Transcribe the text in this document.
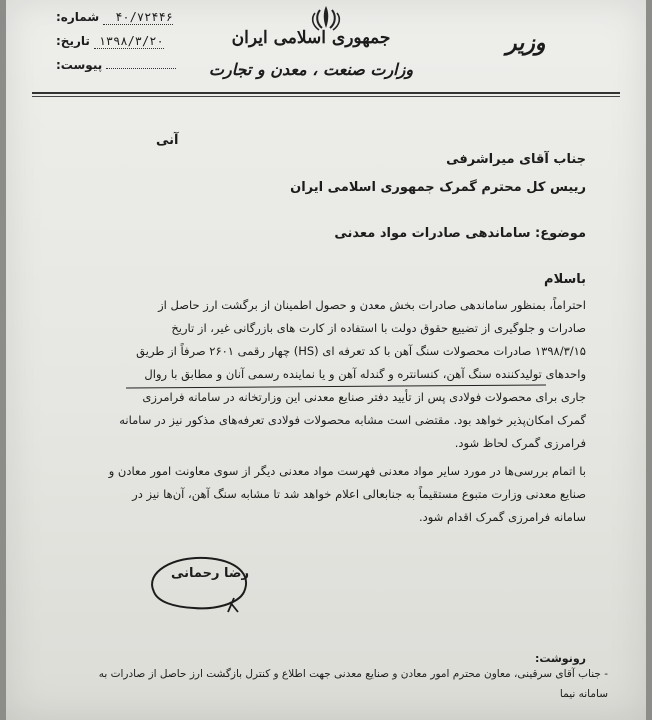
جمهوری اسلامی ایران
وزارت صنعت ، معدن و تجارت
وزیر
شماره: ۴۰/۷۲۴۴۶
تاریخ: ۱۳۹۸/۳/۲۰
پیوست:
آنی
جناب آقای میراشرفی
رییس کل محترم گمرک جمهوری اسلامی ایران
موضوع: ساماندهی صادرات مواد معدنی
باسلام
احتراماً، بمنظور ساماندهی صادرات بخش معدن و حصول اطمینان از برگشت ارز حاصل از
صادرات و جلوگیری از تضییع حقوق دولت با استفاده از کارت های بازرگانی غیر، از تاریخ
۱۳۹۸/۳/۱۵ صادرات محصولات سنگ آهن با کد تعرفه ای (HS) چهار رقمی ۲۶۰۱ صرفاً از طریق
واحدهای تولیدکننده سنگ آهن، کنسانتره و گندله آهن و یا نماینده رسمی آنان و مطابق با روال
جاری برای محصولات فولادی پس از تأیید دفتر صنایع معدنی این وزارتخانه در سامانه فرامرزی
گمرک امکان‌پذیر خواهد بود. مقتضی است مشابه محصولات فولادی تعرفه‌های مذکور نیز در سامانه
فرامرزی گمرک لحاظ شود.
با اتمام بررسی‌ها در مورد سایر مواد معدنی فهرست مواد معدنی دیگر از سوی معاونت امور معادن و
صنایع معدنی وزارت متبوع مستقیماً به جنابعالی اعلام خواهد شد تا مشابه سنگ آهن، آن‌ها نیز در
سامانه فرامرزی گمرک اقدام شود.
رضا رحمانی
رونوشت:
- جناب آقای سرقینی، معاون محترم امور معادن و صنایع معدنی جهت اطلاع و کنترل بازگشت ارز حاصل از صادرات به
سامانه نیما
